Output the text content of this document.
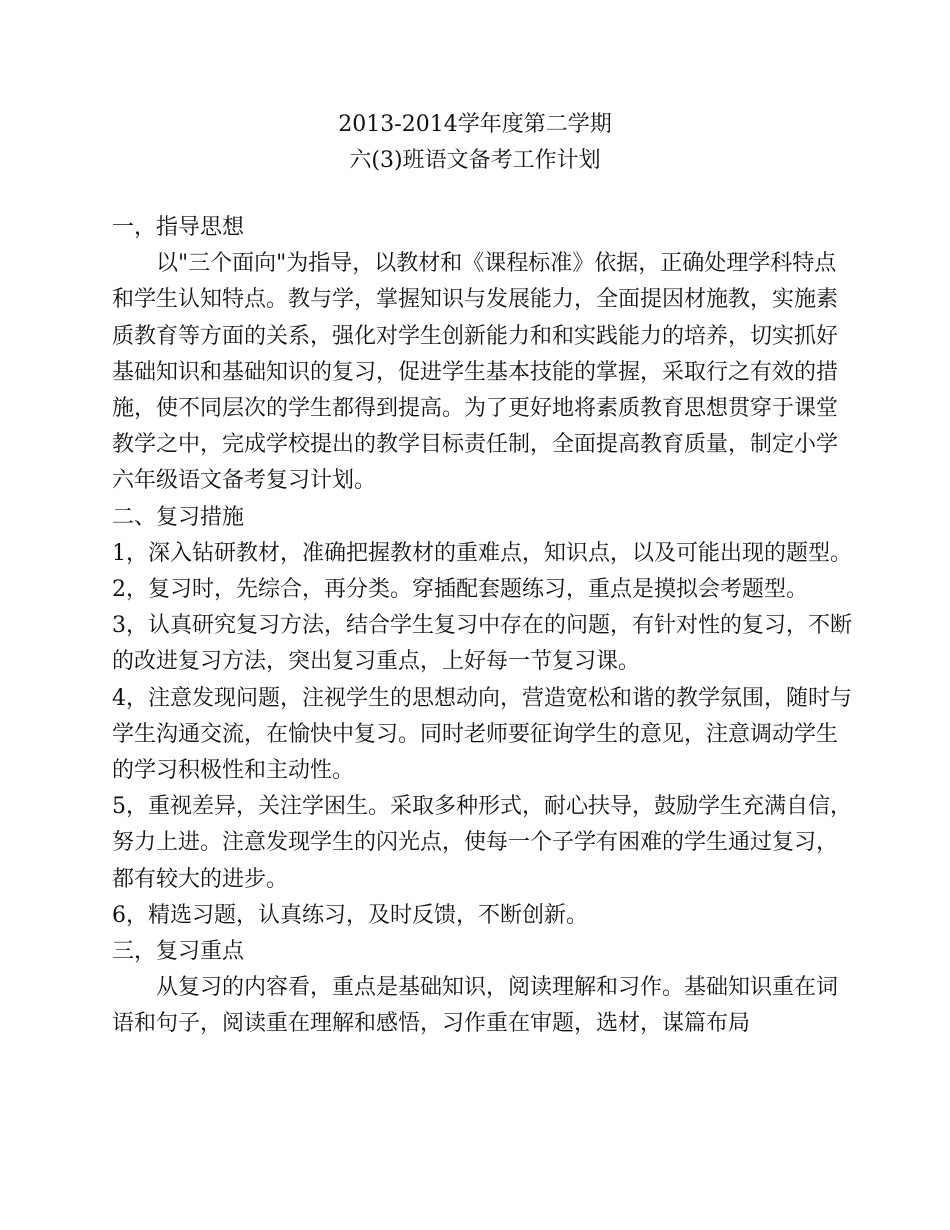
2013-2014学年度第二学期
六(3)班语文备考工作计划

一，指导思想

以"三个面向"为指导，以教材和《课程标准》依据，正确处理学科特点和学生认知特点。教与学，掌握知识与发展能力，全面提因材施教，实施素质教育等方面的关系，强化对学生创新能力和和实践能力的培养，切实抓好基础知识和基础知识的复习，促进学生基本技能的掌握，采取行之有效的措施，使不同层次的学生都得到提高。为了更好地将素质教育思想贯穿于课堂教学之中，完成学校提出的教学目标责任制，全面提高教育质量，制定小学六年级语文备考复习计划。

二、复习措施

1，深入钻研教材，准确把握教材的重难点，知识点，以及可能出现的题型。

2，复习时，先综合，再分类。穿插配套题练习，重点是摸拟会考题型。

3，认真研究复习方法，结合学生复习中存在的问题，有针对性的复习，不断的改进复习方法，突出复习重点，上好每一节复习课。

4，注意发现问题，注视学生的思想动向，营造宽松和谐的教学氛围，随时与学生沟通交流，在愉快中复习。同时老师要征询学生的意见，注意调动学生的学习积极性和主动性。

5，重视差异，关注学困生。采取多种形式，耐心扶导，鼓励学生充满自信，努力上进。注意发现学生的闪光点，使每一个子学有困难的学生通过复习，都有较大的进步。

6，精选习题，认真练习，及时反馈，不断创新。

三，复习重点

从复习的内容看，重点是基础知识，阅读理解和习作。基础知识重在词语和句子，阅读重在理解和感悟，习作重在审题，选材，谋篇布局
